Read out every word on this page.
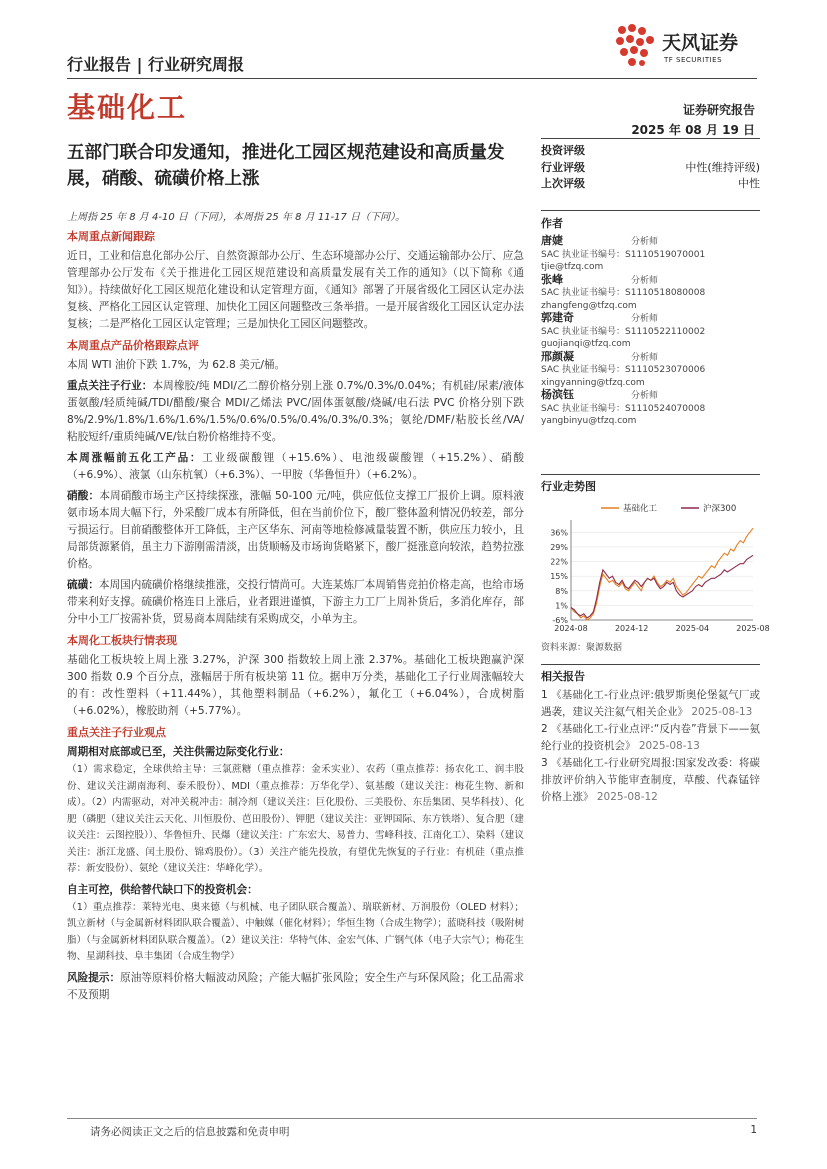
行业报告 | 行业研究周报
天风证券
TF SECURITIES
基础化工	证券研究报告
2025 年 08 月 19 日
五部门联合印发通知，推进化工园区规范建设和高质量发展，硝酸、硫磺价格上涨
上周指 25 年 8 月 4-10 日（下同），本周指 25 年 8 月 11-17 日（下同）。
本周重点新闻跟踪

近日，工业和信息化部办公厅、自然资源部办公厅、生态环境部办公厅、交通运输部办公厅、应急管理部办公厅发布《关于推进化工园区规范建设和高质量发展有关工作的通知》（以下简称《通知》）。持续做好化工园区规范化建设和认定管理方面，《通知》部署了开展省级化工园区认定办法复核、严格化工园区认定管理、加快化工园区问题整改三条举措。一是开展省级化工园区认定办法复核；二是严格化工园区认定管理；三是加快化工园区问题整改。

本周重点产品价格跟踪点评

本周 WTI 油价下跌 1.7%，为 62.8 美元/桶。

重点关注子行业：本周橡胶/纯 MDI/乙二醇价格分别上涨 0.7%/0.3%/0.04%；有机硅/尿素/液体蛋氨酸/轻质纯碱/TDI/醋酸/聚合 MDI/乙烯法 PVC/固体蛋氨酸/烧碱/电石法 PVC 价格分别下跌 8%/2.9%/1.8%/1.6%/1.6%/1.5%/0.6%/0.5%/0.4%/0.3%/0.3%；氨纶/DMF/粘胶长丝/VA/粘胶短纤/重质纯碱/VE/钛白粉价格维持不变。

本周涨幅前五化工产品：工业级碳酸锂（+15.6%）、电池级碳酸锂（+15.2%）、硝酸（+6.9%）、液氯（山东杭氧）（+6.3%）、一甲胺（华鲁恒升）（+6.2%）。

硝酸：本周硝酸市场主产区持续探涨，涨幅 50-100 元/吨，供应低位支撑工厂报价上调。原料液氨市场本周大幅下行，外采酸厂成本有所降低，但在当前价位下，酸厂整体盈利情况仍较差，部分亏损运行。目前硝酸整体开工降低，主产区华东、河南等地检修减量装置不断，供应压力较小，且局部货源紧俏，虽主力下游刚需清淡，出货顺畅及市场询货略紧下，酸厂挺涨意向较浓，趋势拉涨价格。

硫磺：本周国内硫磺价格继续推涨，交投行情尚可。大连某炼厂本周销售竞拍价格走高，也给市场带来利好支撑。硫磺价格连日上涨后，业者跟进谨慎，下游主力工厂上周补货后，多消化库存，部分中小工厂按需补货，贸易商本周陆续有采购成交，小单为主。

本周化工板块行情表现

基础化工板块较上周上涨 3.27%，沪深 300 指数较上周上涨 2.37%。基础化工板块跑赢沪深 300 指数 0.9 个百分点，涨幅居于所有板块第 11 位。据申万分类，基础化工子行业周涨幅较大的有：改性塑料（+11.44%），其他塑料制品（+6.2%），氟化工（+6.04%），合成树脂（+6.02%），橡胶助剂（+5.77%）。

重点关注子行业观点

周期相对底部或已至，关注供需边际变化行业：

（1）需求稳定，全球供给主导：三氯蔗糖（重点推荐：金禾实业）、农药（重点推荐：扬农化工、润丰股份、建议关注湖南海利、泰禾股份）、MDI（重点推荐：万华化学）、氨基酸（建议关注：梅花生物、新和成）。（2）内需驱动，对冲关税冲击：制冷剂（建议关注：巨化股份、三美股份、东岳集团、昊华科技）、化肥（磷肥（建议关注云天化、川恒股份、芭田股份）、钾肥（建议关注：亚钾国际、东方铁塔）、复合肥（建议关注：云图控股））、华鲁恒升、民爆（建议关注：广东宏大、易普力、雪峰科技、江南化工）、染料（建议关注：浙江龙盛、闰土股份、锦鸡股份）。（3）关注产能先投放，有望优先恢复的子行业：有机硅（重点推荐：新安股份）、氨纶（建议关注：华峰化学）。

自主可控，供给替代缺口下的投资机会：

（1）重点推荐：莱特光电、奥来德（与机械、电子团队联合覆盖）、瑞联新材、万润股份（OLED 材料）；凯立新材（与金属新材料团队联合覆盖）、中触媒（催化材料）；华恒生物（合成生物学）；蓝晓科技（吸附树脂）（与金属新材料团队联合覆盖）。（2）建议关注：华特气体、金宏气体、广钢气体（电子大宗气）；梅花生物、星湖科技、阜丰集团（合成生物学）

风险提示：原油等原料价格大幅波动风险；产能大幅扩张风险；安全生产与环保风险；化工品需求不及预期

投资评级
行业评级	中性(维持评级)
上次评级	中性
作者
唐婕	分析师
SAC 执业证书编号：S1110519070001
tjie@tfzq.com
张峰	分析师
SAC 执业证书编号：S1110518080008
zhangfeng@tfzq.com
郭建奇	分析师
SAC 执业证书编号：S1110522110002
guojianqi@tfzq.com
邢颜凝	分析师
SAC 执业证书编号：S1110523070006
xingyanning@tfzq.com
杨滨钰	分析师
SAC 执业证书编号：S1110524070008
yangbinyu@tfzq.com
行业走势图
基础化工	沪深300
36%
29%
22%
15%
8%
1%
-6%
2024-08	2024-12	2025-04	2025-08
资料来源：聚源数据
相关报告
1 《基础化工-行业点评:俄罗斯奥伦堡氦气厂或遇袭，建议关注氦气相关企业》 2025-08-13
2 《基础化工-行业点评:“反内卷”背景下——氨纶行业的投资机会》 2025-08-13
3 《基础化工-行业研究周报:国家发改委：将碳排放评价纳入节能审查制度，草酸、代森锰锌价格上涨》 2025-08-12
请务必阅读正文之后的信息披露和免责申明	1
